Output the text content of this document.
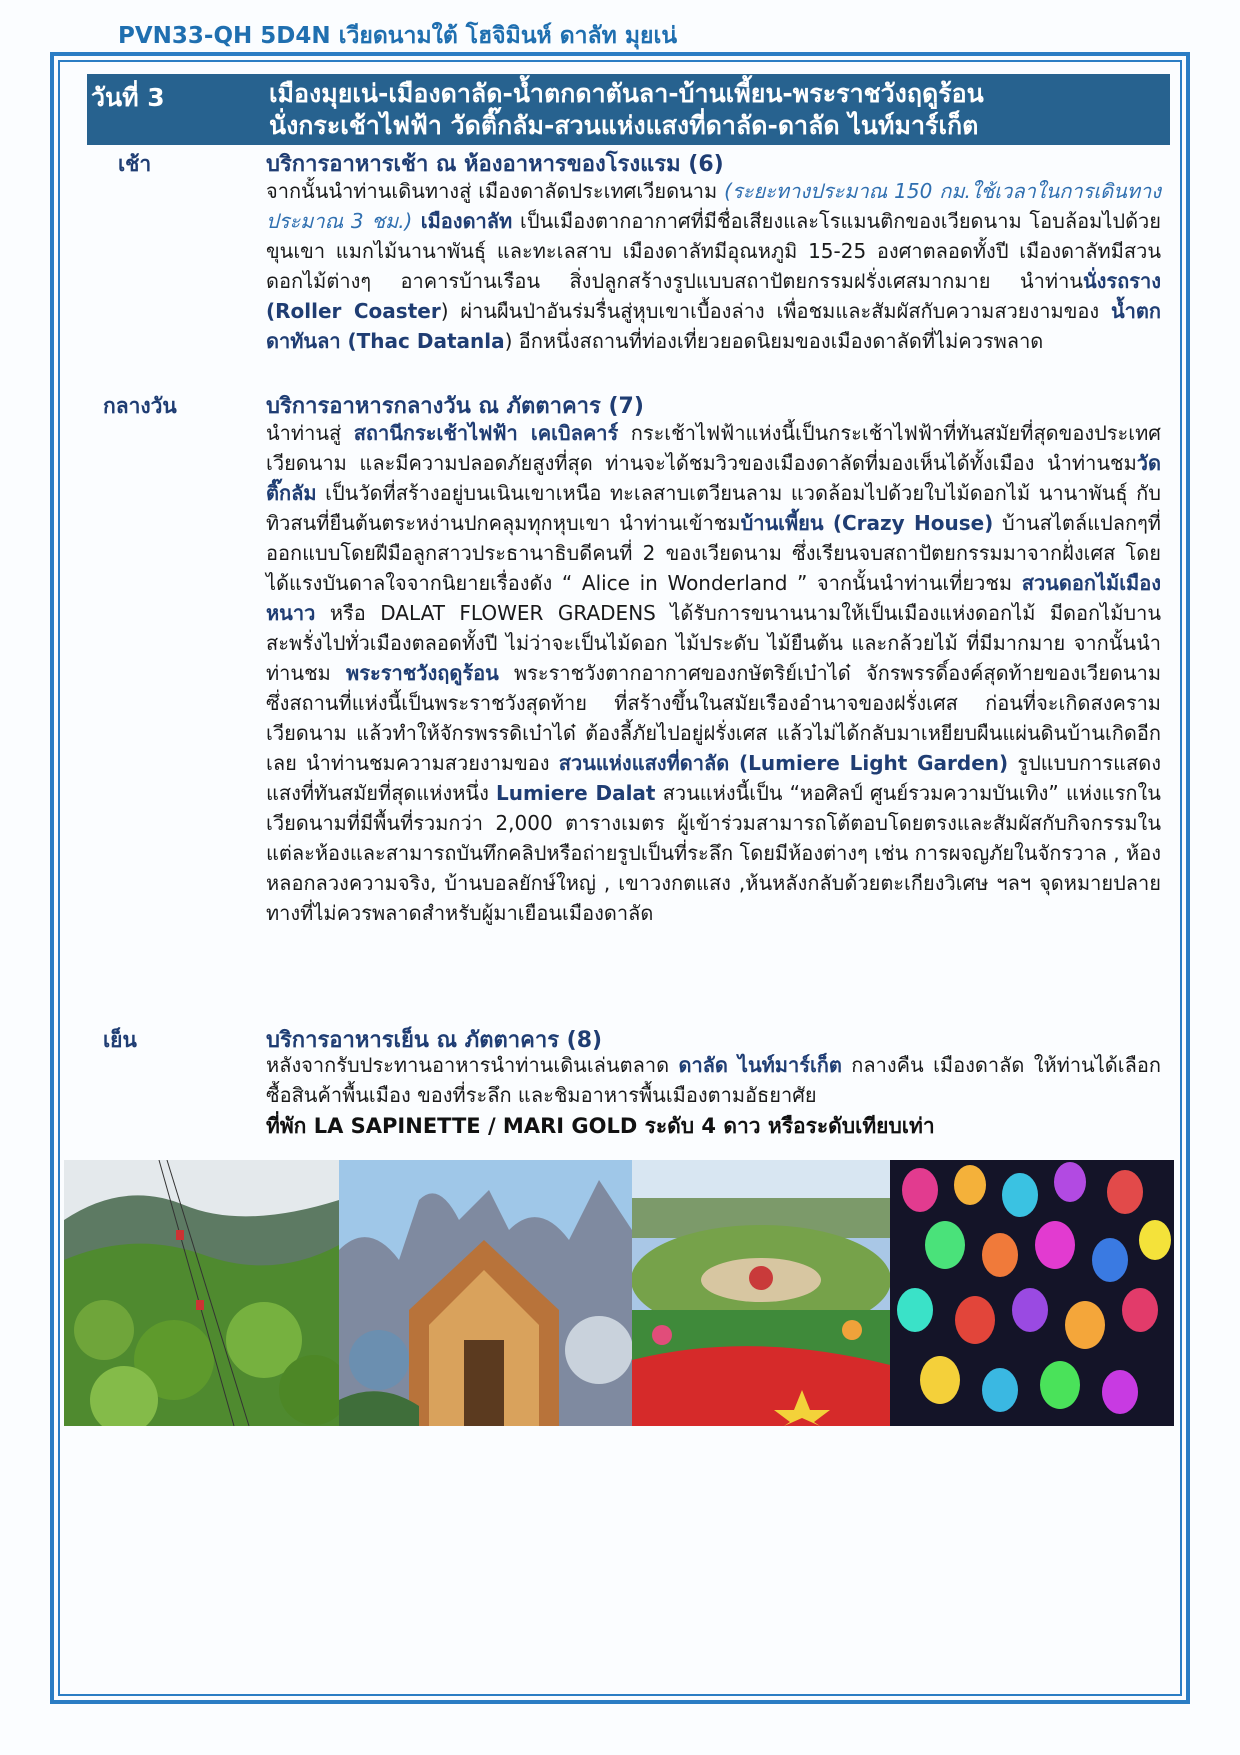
PVN33-QH 5D4N เวียดนามใต้ โฮจิมินห์ ดาลัท มุยเน่
วันที่ 3	เมืองมุยเน่-เมืองดาลัด-น้ำตกดาตันลา-บ้านเพี้ยน-พระราชวังฤดูร้อน
นั่งกระเช้าไฟฟ้า วัดติ๊กลัม-สวนแห่งแสงที่ดาลัด-ดาลัด ไนท์มาร์เก็ต
เช้า	บริการอาหารเช้า ณ ห้องอาหารของโรงแรม (6)

จากนั้นนำท่านเดินทางสู่ เมืองดาลัดประเทศเวียดนาม (ระยะทางประมาณ 150 กม.ใช้เวลาในการเดินทางประมาณ 3 ชม.) เมืองดาลัท เป็นเมืองตากอากาศที่มีชื่อเสียงและโรแมนติกของเวียดนาม โอบล้อมไปด้วยขุนเขา แมกไม้นานาพันธุ์ และทะเลสาบ เมืองดาลัทมีอุณหภูมิ 15-25 องศาตลอดทั้งปี เมืองดาลัทมีสวนดอกไม้ต่างๆ อาคารบ้านเรือน สิ่งปลูกสร้างรูปแบบสถาปัตยกรรมฝรั่งเศสมากมาย นำท่านนั่งรถราง (Roller Coaster) ผ่านผืนป่าอันร่มรื่นสู่หุบเขาเบื้องล่าง เพื่อชมและสัมผัสกับความสวยงามของ น้ำตกดาทันลา (Thac Datanla) อีกหนึ่งสถานที่ท่องเที่ยวยอดนิยมของเมืองดาลัดที่ไม่ควรพลาด

กลางวัน	บริการอาหารกลางวัน ณ ภัตตาคาร (7)

นำท่านสู่ สถานีกระเช้าไฟฟ้า เคเบิลคาร์ กระเช้าไฟฟ้าแห่งนี้เป็นกระเช้าไฟฟ้าที่ทันสมัยที่สุดของประเทศเวียดนาม และมีความปลอดภัยสูงที่สุด ท่านจะได้ชมวิวของเมืองดาลัดที่มองเห็นได้ทั้งเมือง นำท่านชมวัดติ๊กลัม เป็นวัดที่สร้างอยู่บนเนินเขาเหนือ ทะเลสาบเตวียนลาม แวดล้อมไปด้วยใบไม้ดอกไม้ นานาพันธุ์ กับทิวสนที่ยืนต้นตระหง่านปกคลุมทุกหุบเขา นำท่านเข้าชมบ้านเพี้ยน (Crazy House) บ้านสไตล์แปลกๆที่ออกแบบโดยฝีมือลูกสาวประธานาธิบดีคนที่ 2 ของเวียดนาม ซึ่งเรียนจบสถาปัตยกรรมมาจากฝั่งเศส โดยได้แรงบันดาลใจจากนิยายเรื่องดัง “ Alice in Wonderland ” จากนั้นนำท่านเที่ยวชม สวนดอกไม้เมืองหนาว หรือ DALAT FLOWER GRADENS ได้รับการขนานนามให้เป็นเมืองแห่งดอกไม้ มีดอกไม้บานสะพรั่งไปทั่วเมืองตลอดทั้งปี ไม่ว่าจะเป็นไม้ดอก ไม้ประดับ ไม้ยืนต้น และกล้วยไม้ ที่มีมากมาย จากนั้นนำท่านชม พระราชวังฤดูร้อน พระราชวังตากอากาศของกษัตริย์เบ๋าได๋ จักรพรรดิ์องค์สุดท้ายของเวียดนาม ซึ่งสถานที่แห่งนี้เป็นพระราชวังสุดท้าย ที่สร้างขึ้นในสมัยเรืองอำนาจของฝรั่งเศส ก่อนที่จะเกิดสงครามเวียดนาม แล้วทำให้จักรพรรดิเบ๋าได๋ ต้องลี้ภัยไปอยู่ฝรั่งเศส แล้วไม่ได้กลับมาเหยียบผืนแผ่นดินบ้านเกิดอีกเลย นำท่านชมความสวยงามของ สวนแห่งแสงที่ดาลัด (Lumiere Light Garden) รูปแบบการแสดงแสงที่ทันสมัยที่สุดแห่งหนึ่ง Lumiere Dalat สวนแห่งนี้เป็น “หอศิลป์ ศูนย์รวมความบันเทิง” แห่งแรกในเวียดนามที่มีพื้นที่รวมกว่า 2,000 ตารางเมตร ผู้เข้าร่วมสามารถโต้ตอบโดยตรงและสัมผัสกับกิจกรรมในแต่ละห้องและสามารถบันทึกคลิปหรือถ่ายรูปเป็นที่ระลึก โดยมีห้องต่างๆ เช่น การผจญภัยในจักรวาล , ห้องหลอกลวงความจริง, บ้านบอลยักษ์ใหญ่ , เขาวงกตแสง ,ห้นหลังกลับด้วยตะเกียงวิเศษ ฯลฯ จุดหมายปลายทางที่ไม่ควรพลาดสำหรับผู้มาเยือนเมืองดาลัด

เย็น	บริการอาหารเย็น ณ ภัตตาคาร (8)

หลังจากรับประทานอาหารนำท่านเดินเล่นตลาด ดาลัด ไนท์มาร์เก็ต กลางคืน เมืองดาลัด ให้ท่านได้เลือกซื้อสินค้าพื้นเมือง ของที่ระลึก และชิมอาหารพื้นเมืองตามอัธยาศัย

ที่พัก LA SAPINETTE / MARI GOLD ระดับ 4 ดาว หรือระดับเทียบเท่า
